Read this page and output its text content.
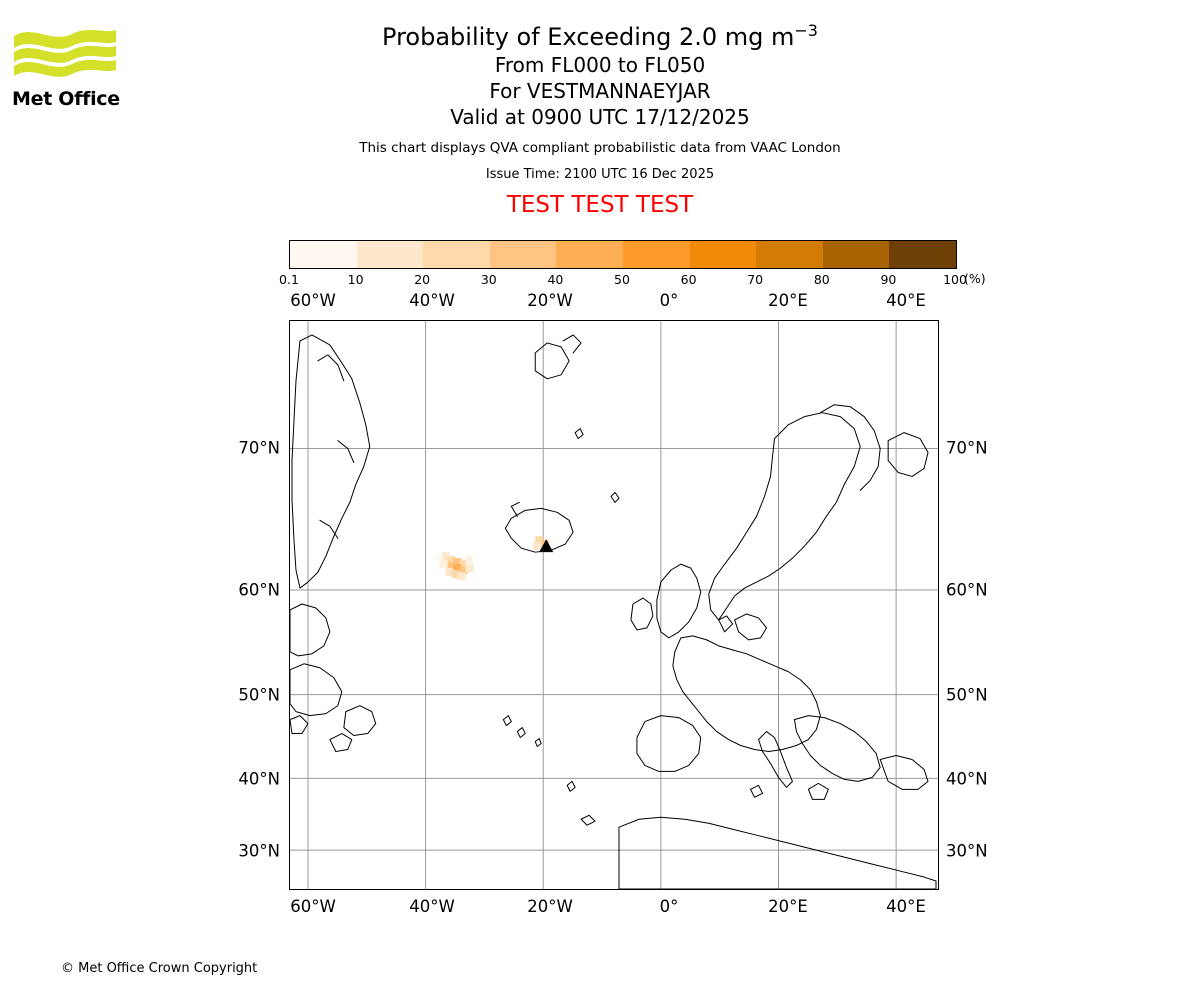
Met Office
Probability of Exceeding 2.0 mg $m^{-3}$
From FL000 to FL050
For VESTMANNAEYJAR
Valid at 0900 UTC 17/12/2025
This chart displays QVA compliant probabilistic data from VAAC London
Issue Time: 2100 UTC 16 Dec 2025
TEST TEST TEST
0.1	10	20	30	40	50	60	70	80	90	100
(%)
60°W	40°W	20°W	0°	20°E	40°E
60°W	40°W	20°W	0°	20°E	40°E
70°N
60°N
50°N
40°N
30°N
70°N
60°N
50°N
40°N
30°N
© Met Office Crown Copyright
